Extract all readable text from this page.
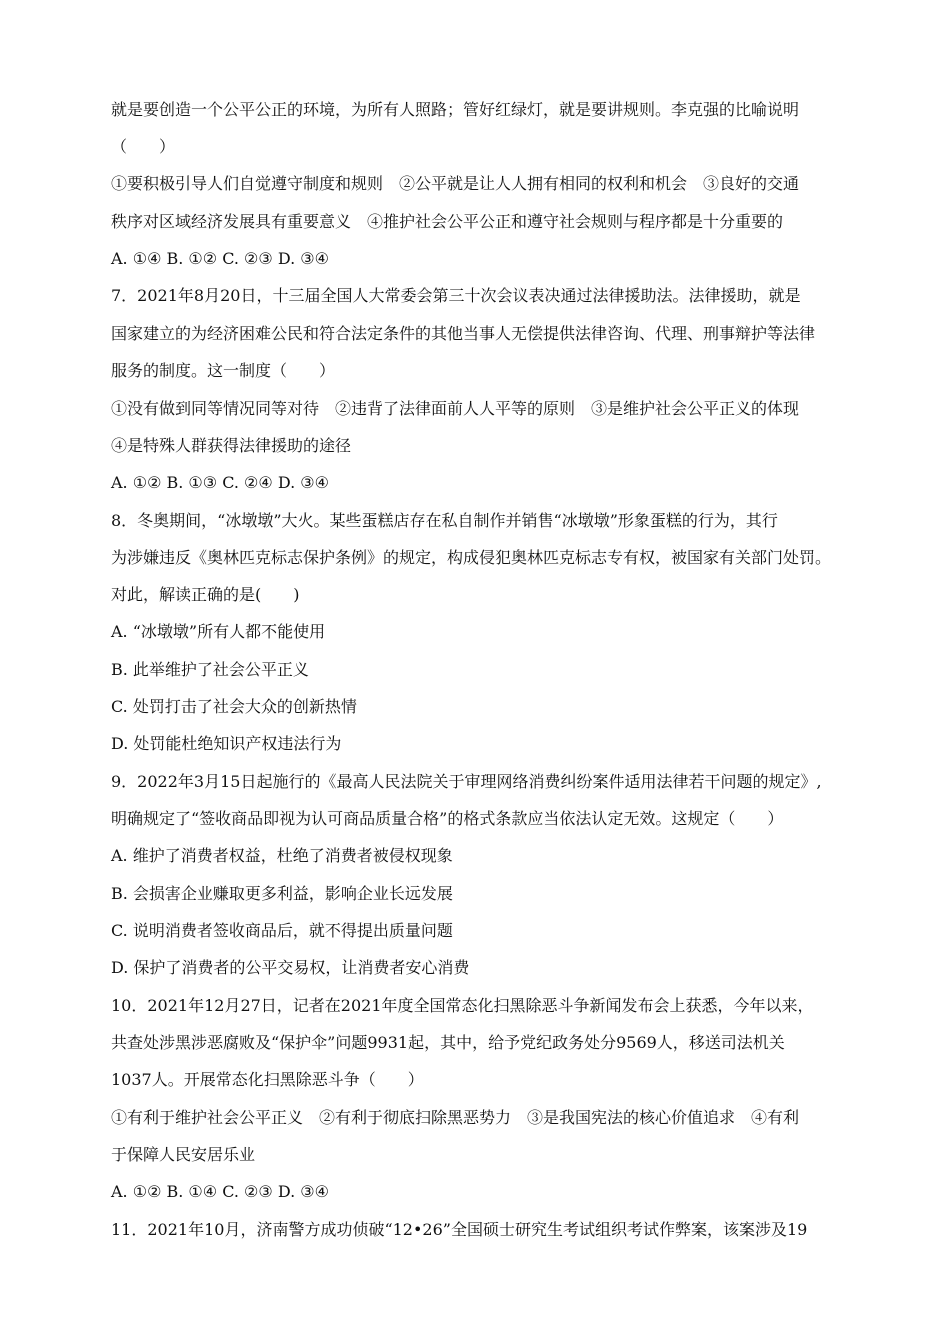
就是要创造一个公平公正的环境，为所有人照路；管好红绿灯，就是要讲规则。李克强的比喻说明
（　　）
①要积极引导人们自觉遵守制度和规则　②公平就是让人人拥有相同的权利和机会　③良好的交通
秩序对区域经济发展具有重要意义　④推护社会公平公正和遵守社会规则与程序都是十分重要的
A. ①④ B. ①② C. ②③ D. ③④
7．2021年8月20日，十三届全国人大常委会第三十次会议表决通过法律援助法。法律援助，就是
国家建立的为经济困难公民和符合法定条件的其他当事人无偿提供法律咨询、代理、刑事辩护等法律
服务的制度。这一制度（　　）
①没有做到同等情况同等对待　②违背了法律面前人人平等的原则　③是维护社会公平正义的体现
④是特殊人群获得法律援助的途径
A. ①② B. ①③ C. ②④ D. ③④
8．冬奥期间，“冰墩墩”大火。某些蛋糕店存在私自制作并销售“冰墩墩”形象蛋糕的行为，其行
为涉嫌违反《奥林匹克标志保护条例》的规定，构成侵犯奥林匹克标志专有权，被国家有关部门处罚。
对此，解读正确的是(　　)
A. “冰墩墩”所有人都不能使用
B. 此举维护了社会公平正义
C. 处罚打击了社会大众的创新热情
D. 处罚能杜绝知识产权违法行为
9．2022年3月15日起施行的《最高人民法院关于审理网络消费纠纷案件适用法律若干问题的规定》,
明确规定了“签收商品即视为认可商品质量合格”的格式条款应当依法认定无效。这规定（　　）
A. 维护了消费者权益，杜绝了消费者被侵权现象
B. 会损害企业赚取更多利益，影响企业长远发展
C. 说明消费者签收商品后，就不得提出质量问题
D. 保护了消费者的公平交易权，让消费者安心消费
10．2021年12月27日，记者在2021年度全国常态化扫黑除恶斗争新闻发布会上获悉，今年以来，
共查处涉黑涉恶腐败及“保护伞”问题9931起，其中，给予党纪政务处分9569人，移送司法机关
1037人。开展常态化扫黑除恶斗争（　　）
①有利于维护社会公平正义　②有利于彻底扫除黑恶势力　③是我国宪法的核心价值追求　④有利
于保障人民安居乐业
A. ①② B. ①④ C. ②③ D. ③④
11．2021年10月，济南警方成功侦破“12•26”全国硕士研究生考试组织考试作弊案，该案涉及19
